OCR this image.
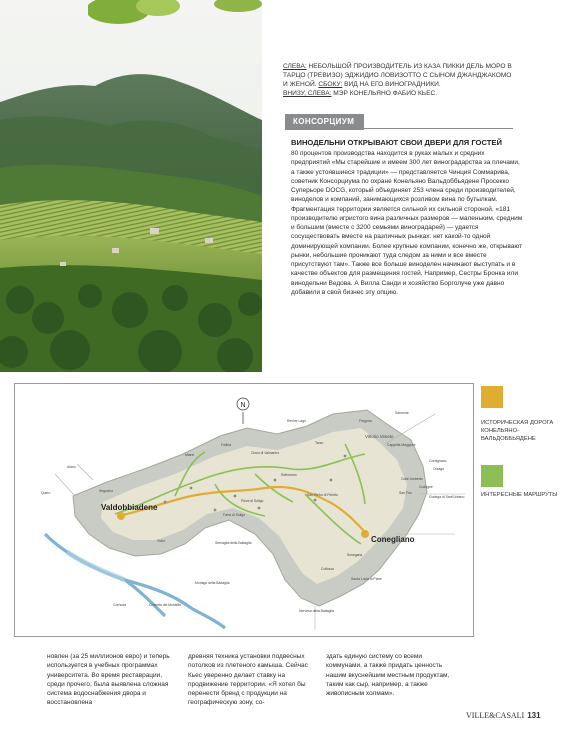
СЛЕВА: НЕБОЛЬШОЙ ПРОИЗВОДИТЕЛЬ ИЗ КАЗА ПИККИ ДЕЛЬ МОРО В ТАРЦО (ТРЕВИЗО) ЭДЖИДИО ЛОВИЗОТТО С СЫНОМ ДЖАНДЖАКОМО И ЖЕНОЙ. СБОКУ: ВИД НА ЕГО ВИНОГРАДНИКИ.
ВНИЗУ, СЛЕВА: МЭР КОНЕЛЬЯНО ФАБИО КЬЕС.
КОНСОРЦИУМ
ВИНОДЕЛЬНИ ОТКРЫВАЮТ СВОИ ДВЕРИ ДЛЯ ГОСТЕЙ
80 процентов производства находится в руках малых и средних предприятий «Мы старейшие и имеем 300 лет виноградарства за плечами, а также устоявшиеся традиции» — представляется Чинция Соммарива, советник Консорциума по охране Конельяно Вальдоббьядене Просекко Суперьоре DOCG, который объединяет 253 члена среди производителей, виноделов и компаний, занимающихся розливом вина по бутылкам. Фрагментация территории является сильной их сильной стороной. «181 производителю игристого вина различных размеров — маленьким, средним и большим (вместе с 3200 семьями виноградарей) — удается сосуществовать вместе на различных рынках: нет какой-то одной доминирующей компании. Более крупные компании, конечно же, открывают рынки, небольшие проникают туда следом за ними и все вместе присутствуют там». Также все больше виноделен начинают выступать и в качестве объектов для размещения гостей. Например, Сестры Бронка или винодельни Ведова. А Вилла Санди и хозяйство Борголуче уже давно добавили в свой бизнес эту опцию.
N
Valdobbiadene
Conegliano
Vittorio Veneto
Cappella Maggiore
Cordignano
Orsago
Colle Umberto
San Fior
Codogné
Godega di Sant'Urbano
Santa Lucia di Piave
Susegana
Nervesa della Battaglia
Sernaglia della Battaglia
Moriago della Battaglia
Crocetta del Montello
Cornuda
Segusino
Quero
Alano
Revine Lago
Tarzo
Refrontolo
Pieve di Soligo
Farra di Soligo
Follina
Miane	Cison di Valmarino
Vidor
San Pietro di Feletto
Sarmede
Fregona
Colfosco
ИСТОРИЧЕСКАЯ ДОРОГА КОНЕЛЬЯНО-ВАЛЬДОББЬЯДЕНЕ
ИНТЕРЕСНЫЕ МАРШРУТЫ
новлен (за 25 миллионов евро) и теперь используется в учебных программах университета. Во время реставрации, среди прочего, была выявлена сложная система водоснабжения двора и восстановлена
древняя техника установки подвесных потолков из плетеного камыша. Сейчас Кьес уверенно делает ставку на продвижение территории. «Я хотел бы перенести бренд с продукции на географическую зону, со-
здать единую систему со всеми коммунами, а также придать ценность нашим вкуснейшим местным продуктам, таким как сыр, например, а также живописным холмам».
VILLE&CASALI 131
